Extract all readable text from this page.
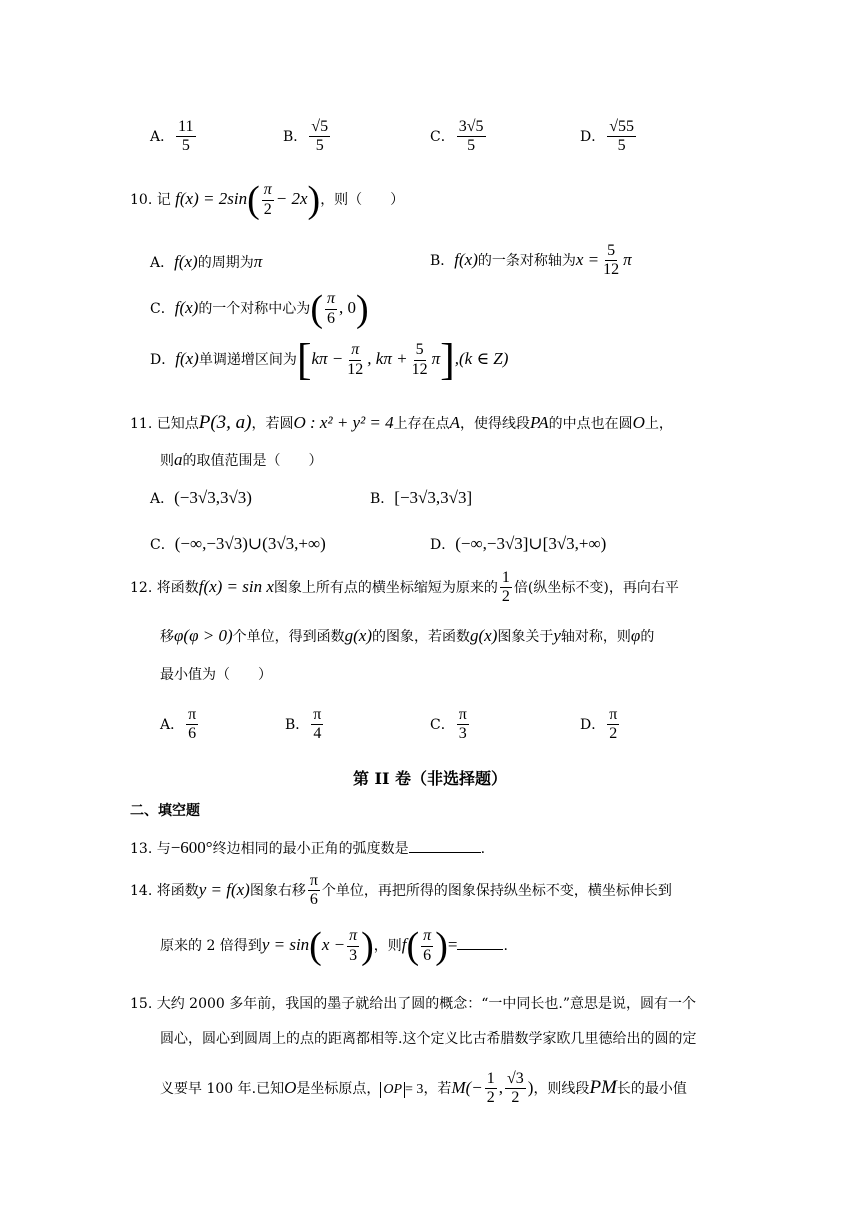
A． $\frac{11}{5}$	B． $\frac{√5}{5}$	C． $\frac{3√5}{5}$	D． $\frac{√55}{5}$
10. 记 $f(x) = 2\sin( \frac{\pi}{2} - 2x)$，则（　　）
A．f(x)的周期为π	B．f(x)的一条对称轴为$x = \frac{5}{12}$ π
C．f(x)的一个对称中心为( $\frac{\pi}{6}$ , 0)
D．f(x)单调递增区间为[$k\pi - \frac{\pi}{12}$ , $k\pi + \frac{5}{12} \pi],(k$ ∈ Z)
11. 已知点P(3, a)，若圆O : x² + y² = 4上存在点A，使得线段PA的中点也在圆O上，
则a的取值范围是（　　）
A．(−3√3,3√3)	B．[−3√3,3√3]
C．(−∞,−3√3)∪(3√3,+∞)	D．(−∞,−3√3]∪[3√3,+∞)
12. 将函数f(x) = sin x图象上所有点的横坐标缩短为原来的 $\frac{1}{2}$ 倍(纵坐标不变)，再向右平
移φ(φ > 0)个单位，得到函数g(x)的图象，若函数g(x)图象关于y轴对称，则φ的
最小值为（　　）
A． $\frac{\pi}{6}$	B． $\frac{\pi}{4}$	C． $\frac{\pi}{3}$	D． $\frac{\pi}{2}$
第 II 卷（非选择题）
二、填空题
13. 与−600°终边相同的最小正角的弧度数是	.
14. 将函数y = f(x)图象右移 $\frac{\pi}{6}$ 个单位，再把所得的图象保持纵坐标不变，横坐标伸长到
原来的 2 倍得到$y = \sin(x - \frac{\pi}{3}$ )，则$f( \frac{\pi}{6}$ )=	.
15. 大约 2000 多年前，我国的墨子就给出了圆的概念：“一中同长也.”意思是说，圆有一个
圆心，圆心到圆周上的点的距离都相等.这个定义比古希腊数学家欧几里德给出的圆的定
义要早 100 年.已知O是坐标原点， OP = 3，若$M(- \frac{1}{2}$ , $\frac{√3}{2}$ )，则线段PM长的最小值
